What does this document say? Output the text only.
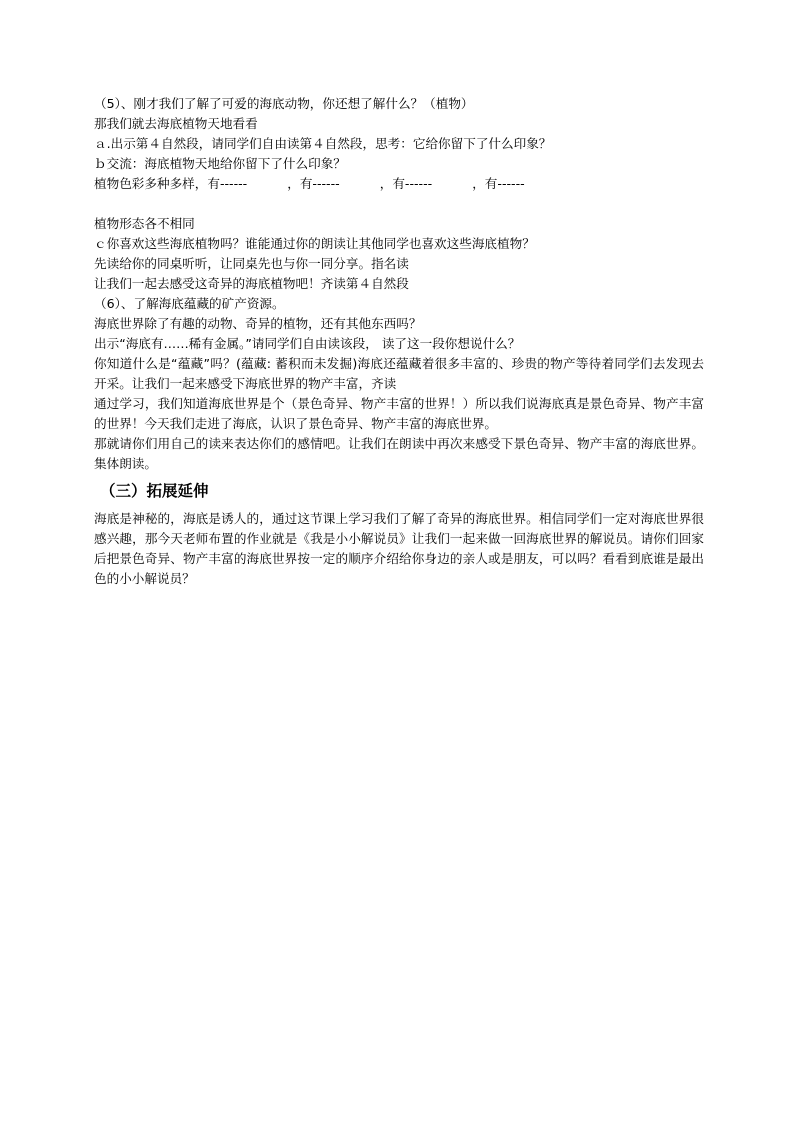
（5）、刚才我们了解了可爱的海底动物，你还想了解什么？（植物）
那我们就去海底植物天地看看
ａ.出示第４自然段，请同学们自由读第４自然段，思考：它给你留下了什么印象？
ｂ交流：海底植物天地给你留下了什么印象？
植物色彩多种多样，有------          ，有------          ，有------          ，有------
植物形态各不相同
ｃ你喜欢这些海底植物吗？谁能通过你的朗读让其他同学也喜欢这些海底植物？
先读给你的同桌听听，让同桌先也与你一同分享。指名读
让我们一起去感受这奇异的海底植物吧！齐读第４自然段
（6）、了解海底蕴藏的矿产资源。
海底世界除了有趣的动物、奇异的植物，还有其他东西吗？
出示“海底有……稀有金属。”请同学们自由读该段， 读了这一段你想说什么？
你知道什么是“蕴藏”吗？(蕴藏: 蓄积而未发掘)海底还蕴藏着很多丰富的、珍贵的物产等待着同学们去发现去开采。让我们一起来感受下海底世界的物产丰富，齐读
通过学习，我们知道海底世界是个（景色奇异、物产丰富的世界！）所以我们说海底真是景色奇异、物产丰富的世界！今天我们走进了海底，认识了景色奇异、物产丰富的海底世界。
那就请你们用自己的读来表达你们的感情吧。让我们在朗读中再次来感受下景色奇异、物产丰富的海底世界。集体朗读。
（三）拓展延伸
海底是神秘的，海底是诱人的，通过这节课上学习我们了解了奇异的海底世界。相信同学们一定对海底世界很感兴趣，那今天老师布置的作业就是《我是小小解说员》让我们一起来做一回海底世界的解说员。请你们回家后把景色奇异、物产丰富的海底世界按一定的顺序介绍给你身边的亲人或是朋友，可以吗？看看到底谁是最出色的小小解说员？
